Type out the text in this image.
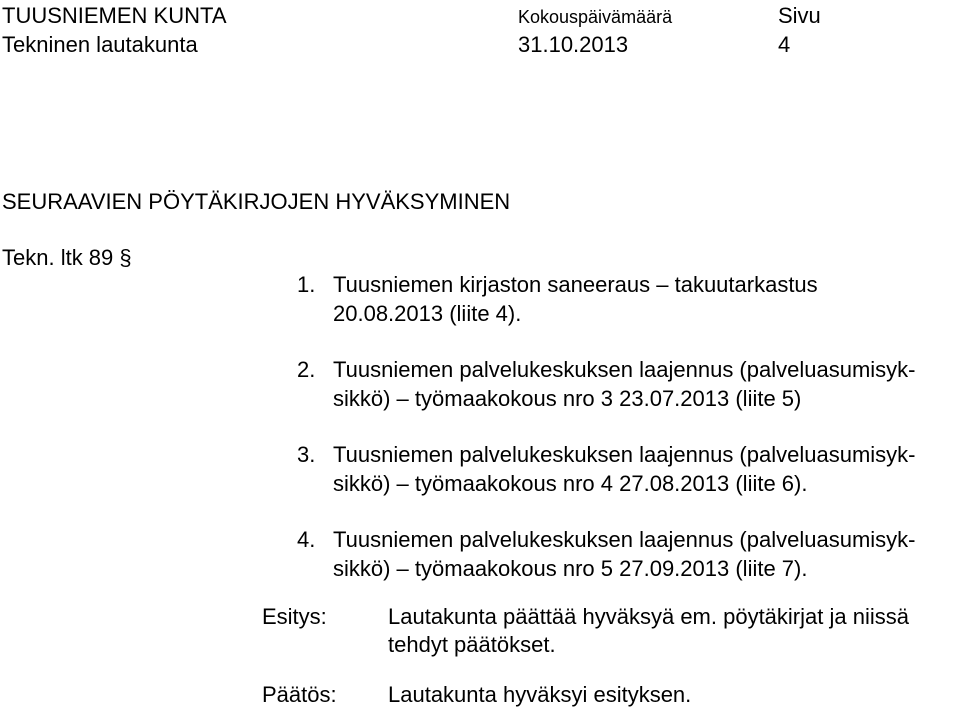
TUUSNIEMEN KUNTA
Tekninen lautakunta
Kokouspäivämäärä
31.10.2013
Sivu
4
SEURAAVIEN PÖYTÄKIRJOJEN HYVÄKSYMINEN
Tekn. ltk 89 §
1. Tuusniemen kirjaston saneeraus – takuutarkastus
20.08.2013 (liite 4).
2. Tuusniemen palvelukeskuksen laajennus (palveluasumisyk-
sikkö) – työmaakokous nro 3 23.07.2013 (liite 5)
3. Tuusniemen palvelukeskuksen laajennus (palveluasumisyk-
sikkö) – työmaakokous nro 4 27.08.2013 (liite 6).
4. Tuusniemen palvelukeskuksen laajennus (palveluasumisyk-
sikkö) – työmaakokous nro 5 27.09.2013 (liite 7).
Esitys:	Lautakunta päättää hyväksyä em. pöytäkirjat ja niissä
tehdyt päätökset.
Päätös: Lautakunta hyväksyi esityksen.
